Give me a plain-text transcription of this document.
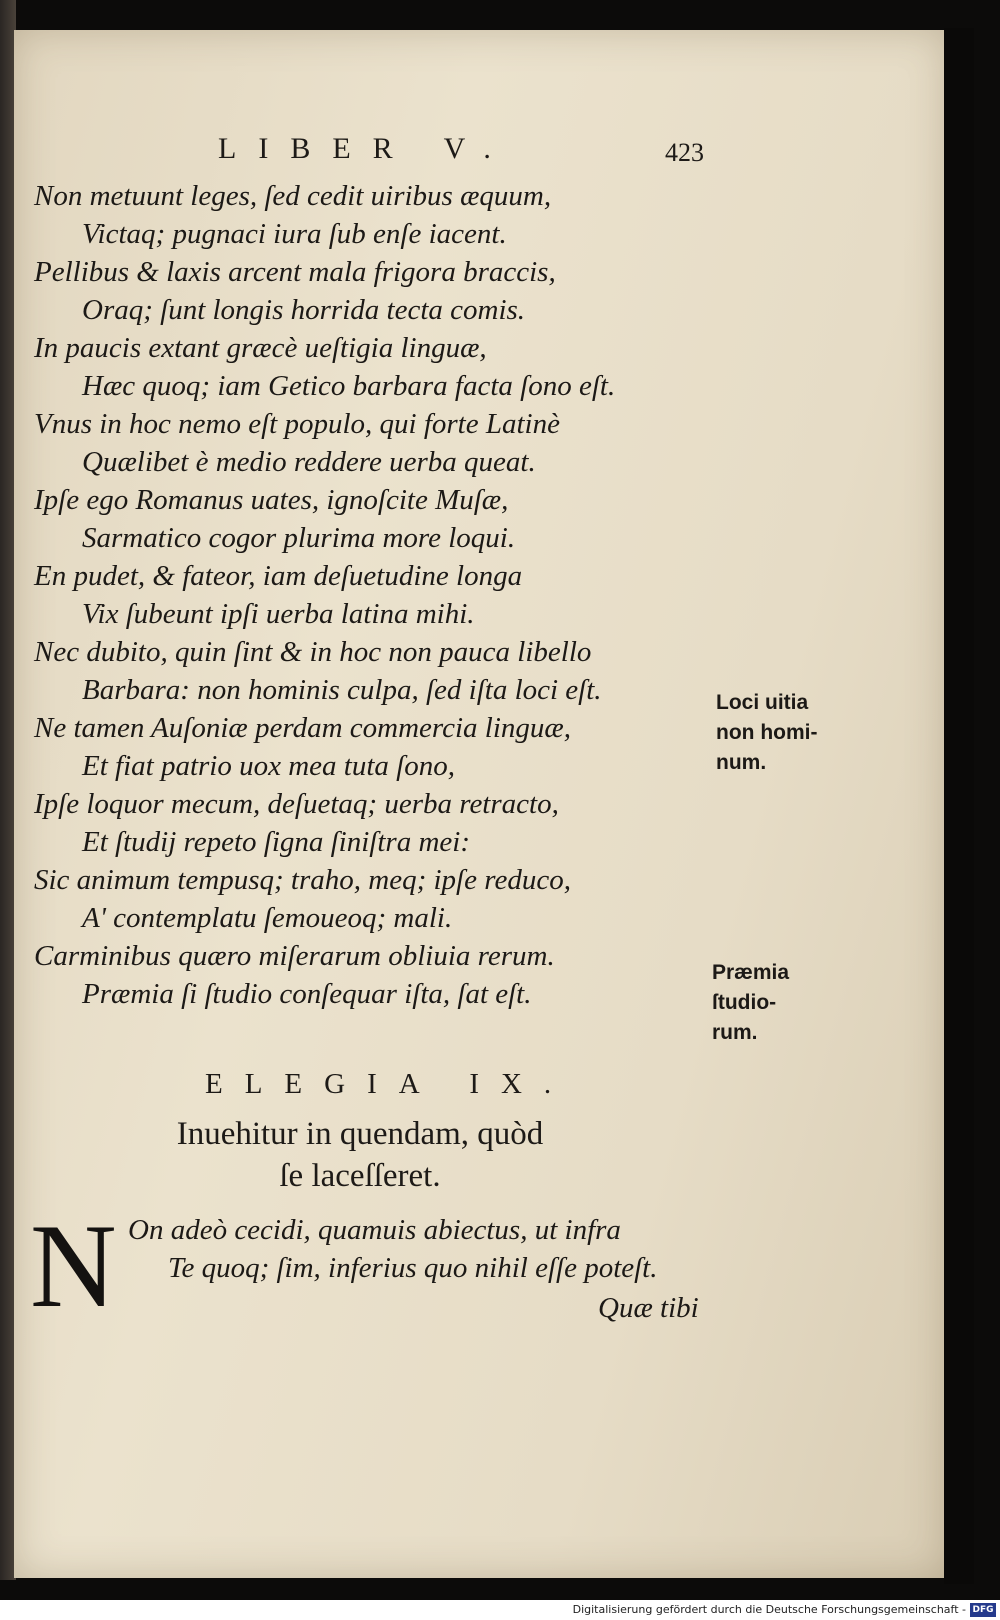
LIBER V.	423
Non metuunt leges, ſed cedit uiribus æquum,
Victaq; pugnaci iura ſub enſe iacent.
Pellibus & laxis arcent mala frigora braccis,
Oraq; ſunt longis horrida tecta comis.
In paucis extant græcè ueſtigia linguæ,
Hæc quoq; iam Getico barbara facta ſono eſt.
Vnus in hoc nemo eſt populo, qui forte Latinè
Quælibet è medio reddere uerba queat.
Ipſe ego Romanus uates, ignoſcite Muſæ,
Sarmatico cogor plurima more loqui.
En pudet, & fateor, iam deſuetudine longa
Vix ſubeunt ipſi uerba latina mihi.
Nec dubito, quin ſint & in hoc non pauca libello
Barbara: non hominis culpa, ſed iſta loci eſt.
Ne tamen Auſoniæ perdam commercia linguæ,
Et fiat patrio uox mea tuta ſono,
Ipſe loquor mecum, deſuetaq; uerba retracto,
Et ſtudij repeto ſigna ſiniſtra mei:
Sic animum tempusq; traho, meq; ipſe reduco,
A' contemplatu ſemoueoq; mali.
Carminibus quæro miſerarum obliuia rerum.
Præmia ſi ſtudio conſequar iſta, ſat eſt.
Loci uitia
non homi-
num.
Præmia
ſtudio-
rum.
ELEGIA IX.
Inuehitur in quendam, quòd
ſe laceſſeret.
N On adeò cecidi, quamuis abiectus, ut infra
Te quoq; ſim, inferius quo nihil eſſe poteſt.
Quæ tibi
Digitalisierung gefördert durch die Deutsche Forschungsgemeinschaft - DFG
